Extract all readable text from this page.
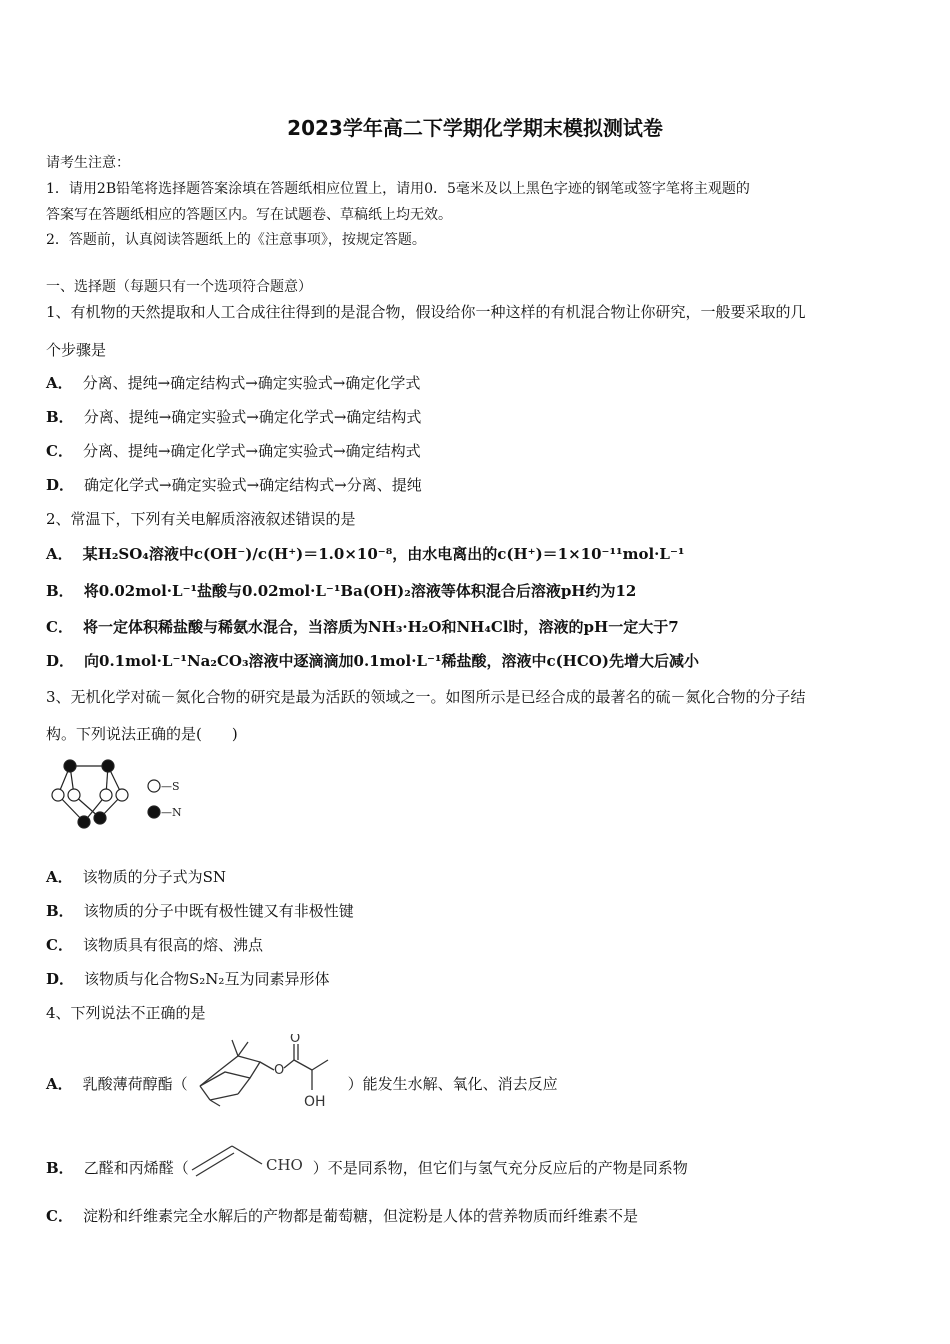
2023学年高二下学期化学期末模拟测试卷
请考生注意：
1．请用2B铅笔将选择题答案涂填在答题纸相应位置上，请用0．5毫米及以上黑色字迹的钢笔或签字笔将主观题的
答案写在答题纸相应的答题区内。写在试题卷、草稿纸上均无效。
2．答题前，认真阅读答题纸上的《注意事项》，按规定答题。
一、选择题（每题只有一个选项符合题意）
1、有机物的天然提取和人工合成往往得到的是混合物，假设给你一种这样的有机混合物让你研究，一般要采取的几
个步骤是
A． 分离、提纯→确定结构式→确定实验式→确定化学式
B． 分离、提纯→确定实验式→确定化学式→确定结构式
C． 分离、提纯→确定化学式→确定实验式→确定结构式
D． 确定化学式→确定实验式→确定结构式→分离、提纯
2、常温下，下列有关电解质溶液叙述错误的是
A． 某H₂SO₄溶液中c(OH⁻)/c(H⁺)＝1.0×10⁻⁸，由水电离出的c(H⁺)＝1×10⁻¹¹mol·L⁻¹
B． 将0.02mol·L⁻¹盐酸与0.02mol·L⁻¹Ba(OH)₂溶液等体积混合后溶液pH约为12
C． 将一定体积稀盐酸与稀氨水混合，当溶质为NH₃·H₂O和NH₄Cl时，溶液的pH一定大于7
D． 向0.1mol·L⁻¹Na₂CO₃溶液中逐滴滴加0.1mol·L⁻¹稀盐酸，溶液中c(HCO)先增大后减小
3、无机化学对硫－氮化合物的研究是最为活跃的领域之一。如图所示是已经合成的最著名的硫－氮化合物的分子结
构。下列说法正确的是(　　)
—S
—N
A． 该物质的分子式为SN
B． 该物质的分子中既有极性键又有非极性键
C． 该物质具有很高的熔、沸点
D． 该物质与化合物S₂N₂互为同素异形体
4、下列说法不正确的是
A． 乳酸薄荷醇酯（	）能发生水解、氧化、消去反应
O
O
OH
B． 乙醛和丙烯醛（	）不是同系物，但它们与氢气充分反应后的产物是同系物
CHO
C． 淀粉和纤维素完全水解后的产物都是葡萄糖，但淀粉是人体的营养物质而纤维素不是
